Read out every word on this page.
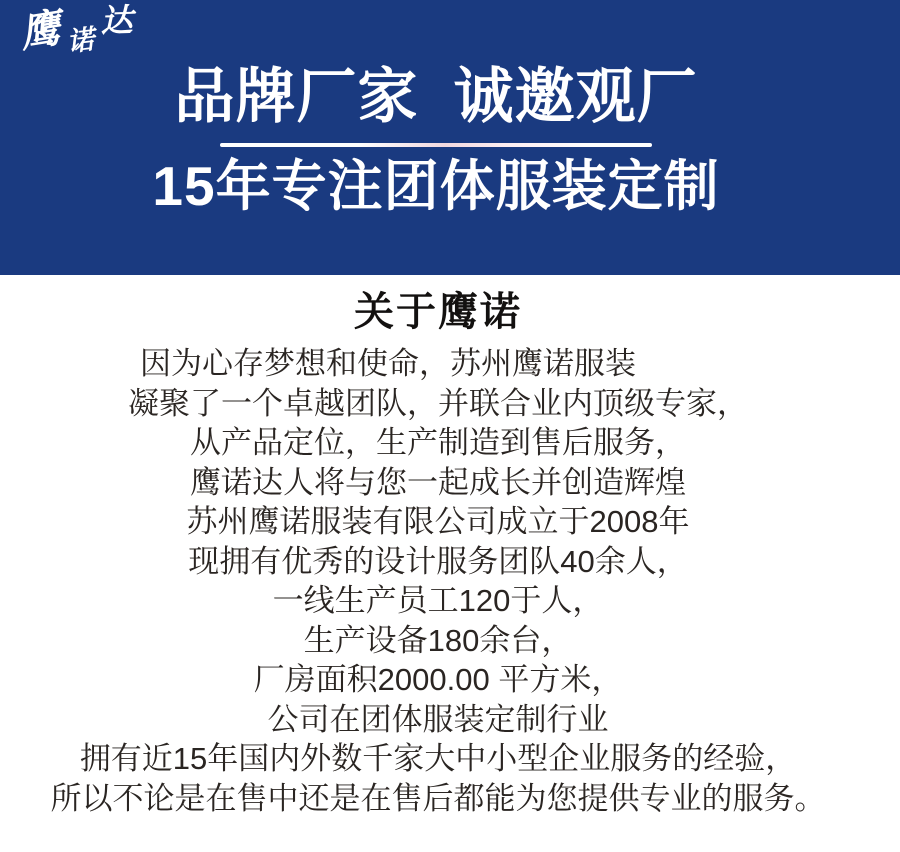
鹰 诺 达
品牌厂家  诚邀观厂
15年专注团体服装定制
关于鹰诺

因为心存梦想和使命，苏州鹰诺服装

凝聚了一个卓越团队，并联合业内顶级专家，

从产品定位，生产制造到售后服务，

鹰诺达人将与您一起成长并创造辉煌

苏州鹰诺服装有限公司成立于2008年

现拥有优秀的设计服务团队40余人，

一线生产员工120于人，

生产设备180余台，

厂房面积2000.00 平方米，

公司在团体服装定制行业

拥有近15年国内外数千家大中小型企业服务的经验，

所以不论是在售中还是在售后都能为您提供专业的服务。
